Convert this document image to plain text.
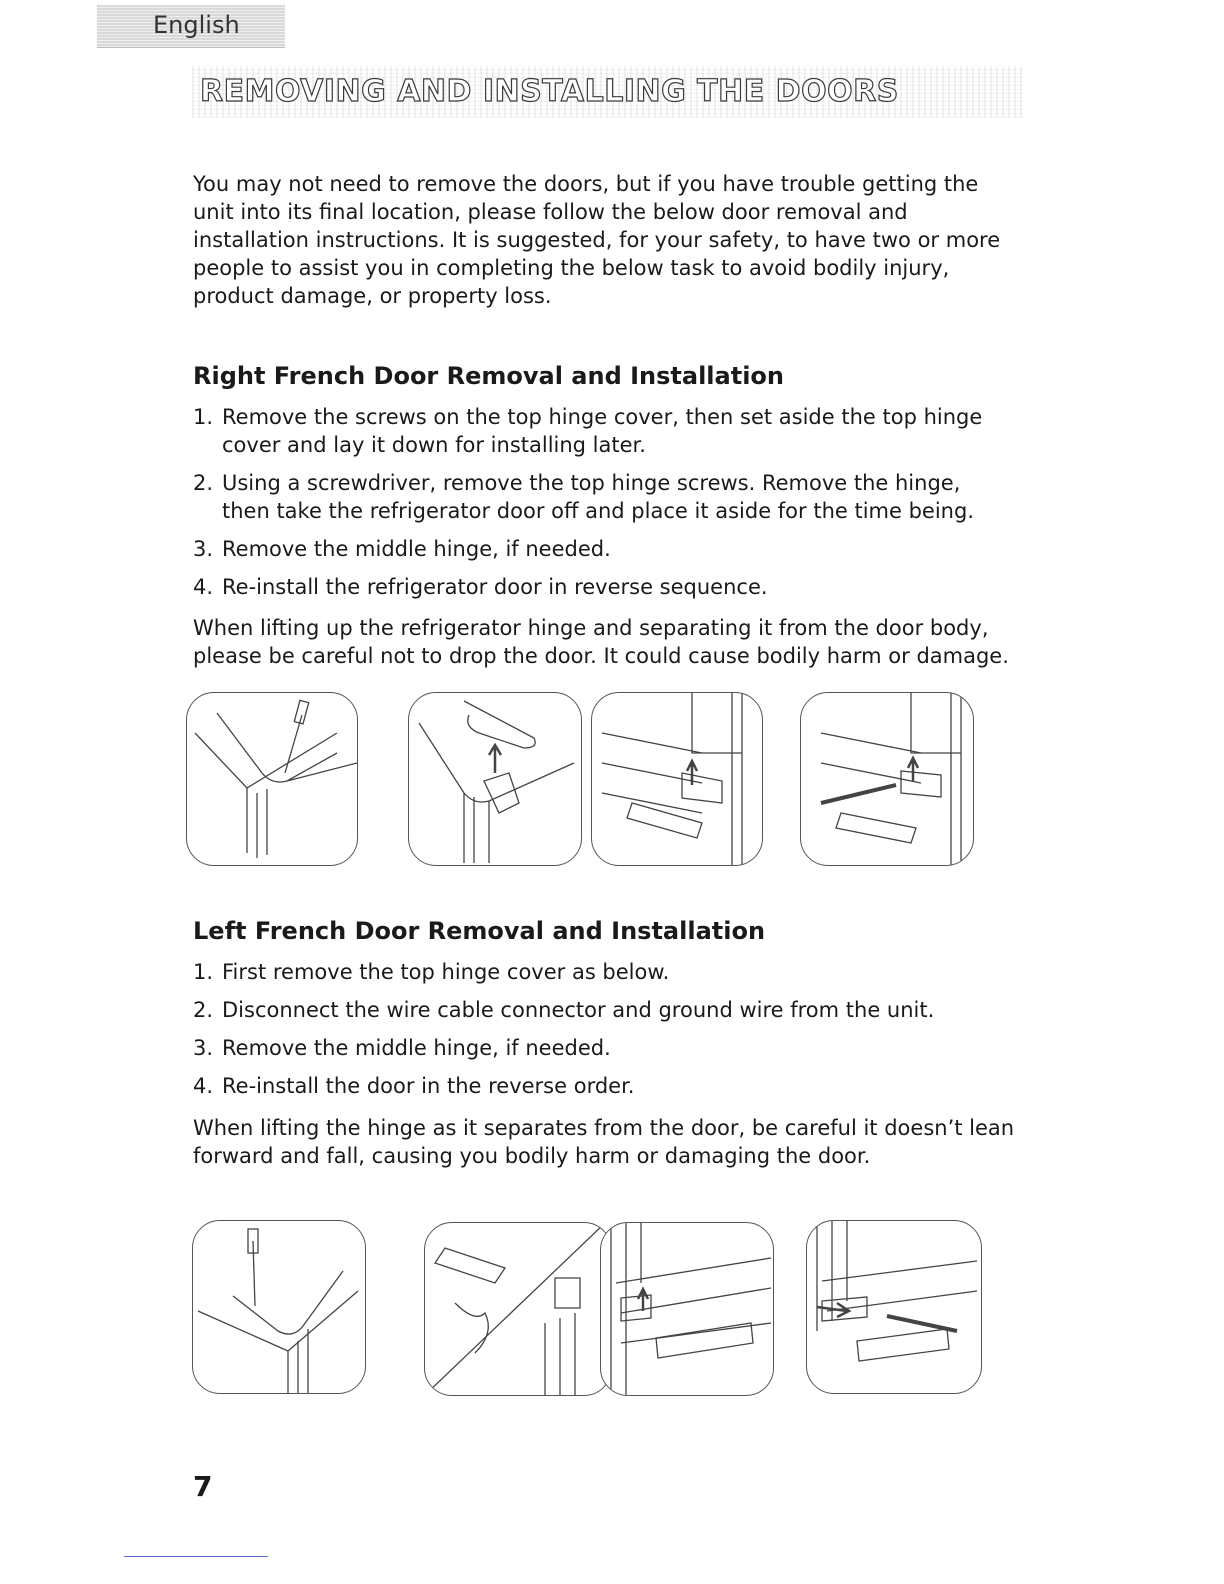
English
REMOVING AND INSTALLING THE DOORS

You may not need to remove the doors, but if you have trouble getting the unit into its final location, please follow the below door removal and installation instructions. It is suggested, for your safety, to have two or more people to assist you in completing the below task to avoid bodily injury, product damage, or property loss.

Right French Door Removal and Installation
1. Remove the screws on the top hinge cover, then set aside the top hinge cover and lay it down for installing later.
2. Using a screwdriver, remove the top hinge screws. Remove the hinge, then take the refrigerator door off and place it aside for the time being.
3. Remove the middle hinge, if needed.
4. Re-install the refrigerator door in reverse sequence.

When lifting up the refrigerator hinge and separating it from the door body, please be careful not to drop the door. It could cause bodily harm or damage.

Left French Door Removal and Installation
1. First remove the top hinge cover as below.
2. Disconnect the wire cable connector and ground wire from the unit.
3. Remove the middle hinge, if needed.
4. Re-install the door in the reverse order.

When lifting the hinge as it separates from the door, be careful it doesn’t lean forward and fall, causing you bodily harm or damaging the door.

7
